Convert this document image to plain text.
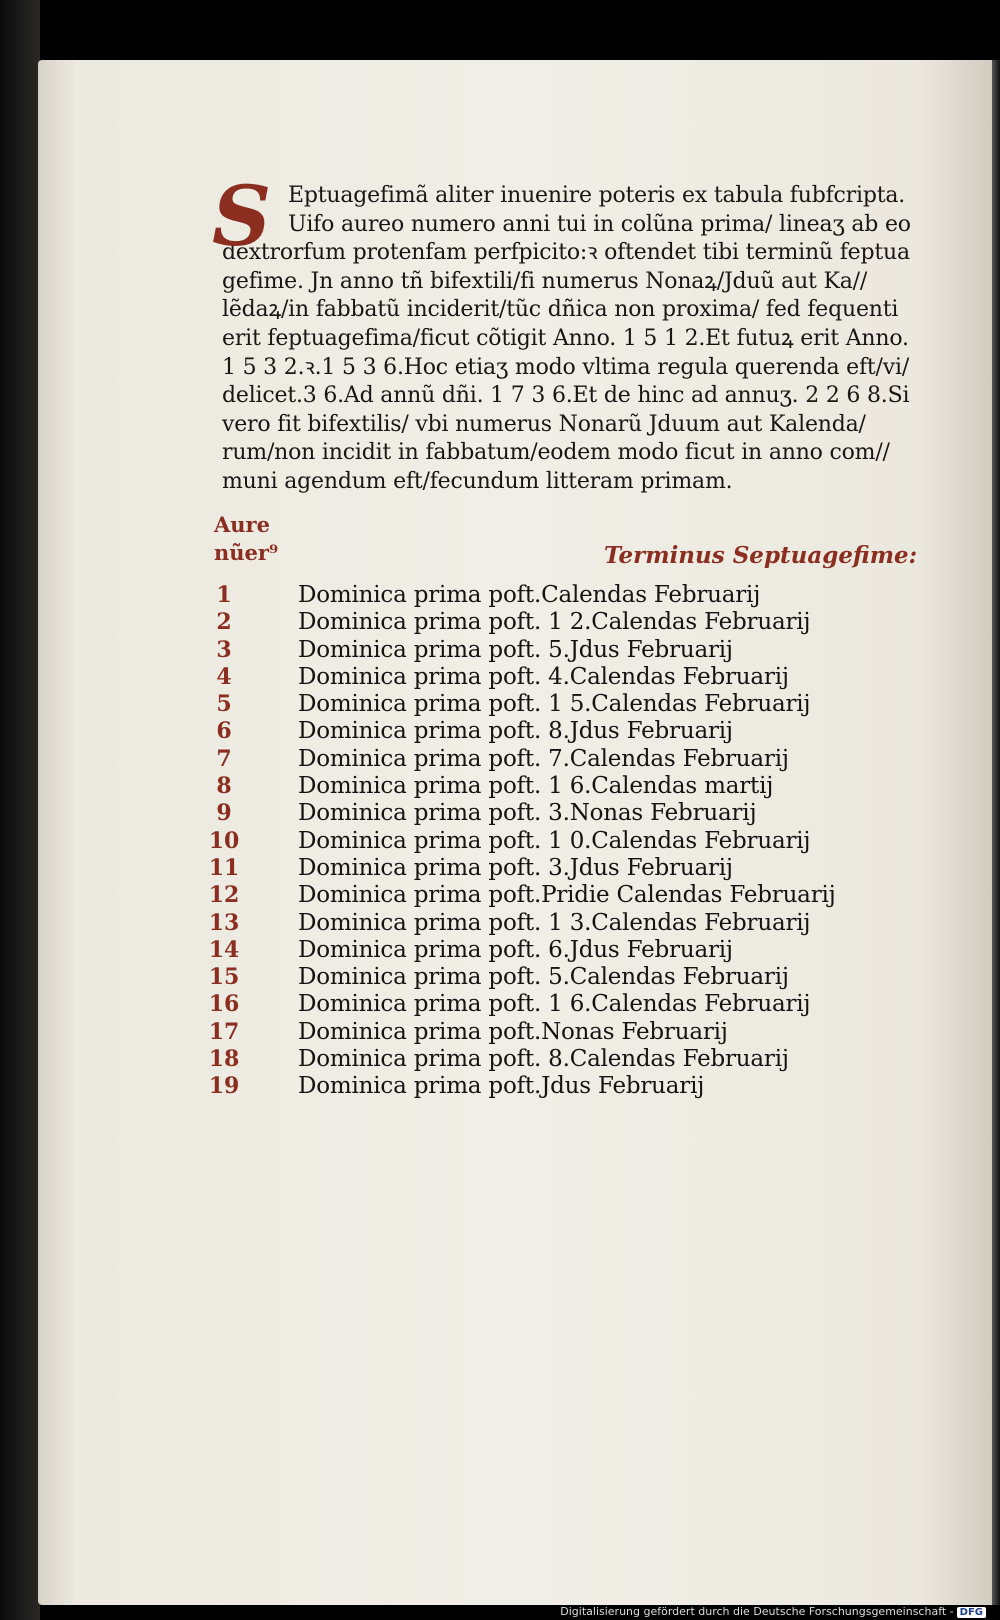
S Eptuagefimã aliter inuenire poteris ex tabula fubfcripta.
Uifo aureo numero anni tui in colũna prima/ lineaʒ ab eo
dextrorfum protenfam perfpicito:ꝛ oftendet tibi terminũ feptua
gefime. Jn anno tñ bifextili/fi numerus Nonaꝝ/Jduũ aut Ka//
lẽdaꝝ/in fabbatũ inciderit/tũc dñica non proxima/ fed fequenti
erit feptuagefima/ficut cõtigit Anno. 1 5 1 2.Et futuꝝ erit Anno.
1 5 3 2.ꝛ.1 5 3 6.Hoc etiaʒ modo vltima regula querenda eft/vi/
delicet.3 6.Ad annũ dñi. 1 7 3 6.Et de hinc ad annuʒ. 2 2 6 8.Si
vero fit bifextilis/ vbi numerus Nonarũ Jduum aut Kalenda/
rum/non incidit in fabbatum/eodem modo ficut in anno com//
muni agendum eft/fecundum litteram primam.
Aure
nũer⁹	Terminus Septuagefime:
1	Dominica prima poft.Calendas Februarij
2	Dominica prima poft. 1 2.Calendas Februarij
3	Dominica prima poft. 5.Jdus Februarij
4	Dominica prima poft. 4.Calendas Februarij
5	Dominica prima poft. 1 5.Calendas Februarij
6	Dominica prima poft. 8.Jdus Februarij
7	Dominica prima poft. 7.Calendas Februarij
8	Dominica prima poft. 1 6.Calendas martij
9	Dominica prima poft. 3.Nonas Februarij
10	Dominica prima poft. 1 0.Calendas Februarij
11	Dominica prima poft. 3.Jdus Februarij
12	Dominica prima poft.Pridie Calendas Februarij
13	Dominica prima poft. 1 3.Calendas Februarij
14	Dominica prima poft. 6.Jdus Februarij
15	Dominica prima poft. 5.Calendas Februarij
16	Dominica prima poft. 1 6.Calendas Februarij
17	Dominica prima poft.Nonas Februarij
18	Dominica prima poft. 8.Calendas Februarij
19	Dominica prima poft.Jdus Februarij
Digitalisierung gefördert durch die Deutsche Forschungsgemeinschaft - DFG
